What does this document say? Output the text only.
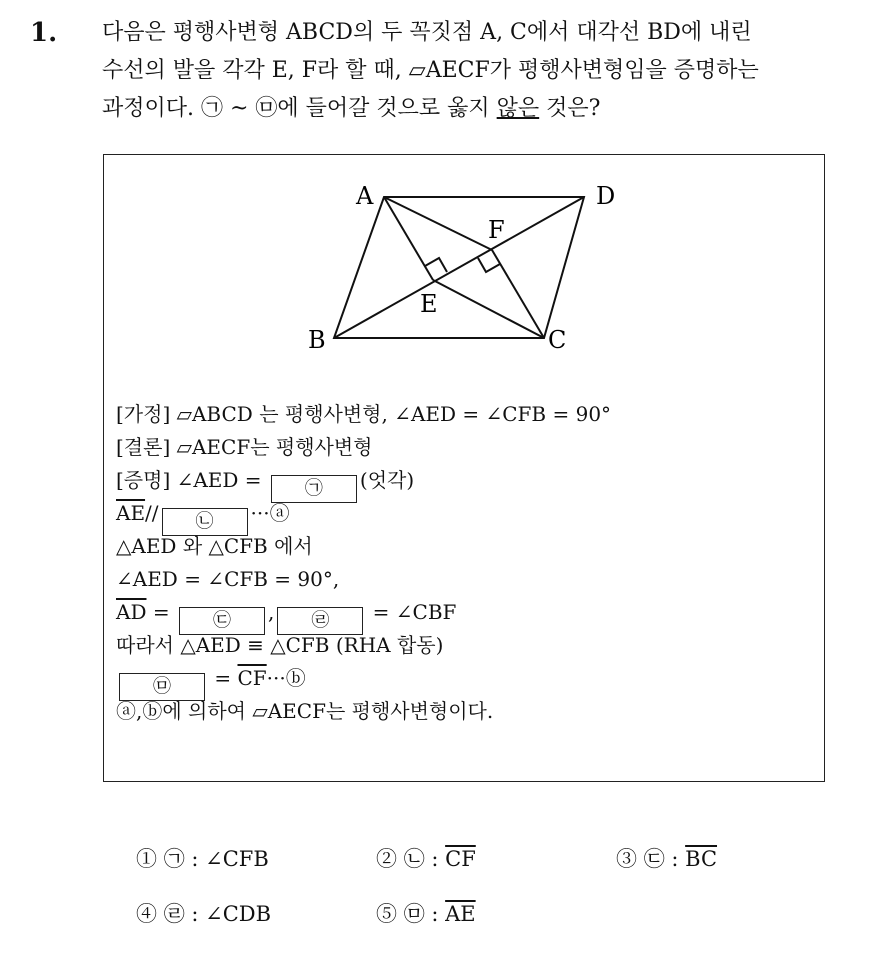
1. 다음은 평행사변형 ABCD의 두 꼭짓점 A, C에서 대각선 BD에 내린
수선의 발을 각각 E, F라 할 때, ▱AECF가 평행사변형임을 증명하는
과정이다. ㉠ ~ ㉤에 들어갈 것으로 옳지 않은 것은?
A	D
F
E
B	C
[가정] ▱ABCD 는 평행사변형, ∠AED = ∠CFB = 90°
[결론] ▱AECF는 평행사변형
[증명] ∠AED = ㉠ (엇각)
$\overline{AE}//$ ㉡ ···ⓐ
△AED 와 △CFB 에서
∠AED = ∠CFB = 90°,
$\overline{AD}$ = ㉢ , ㉣ = ∠CBF
따라서 △AED ≡ △CFB (RHA 합동)
㉤ = $\overline{CF}\cdot\cdot\cdotⓑ$
ⓐ,ⓑ에 의하여 ▱AECF는 평행사변형이다.
① ㉠ : ∠CFB	② ㉡ : $\overline{CF}$	③ ㉢ : $\overline{BC}$
④ ㉣ : ∠CDB	⑤ ㉤ : $\overline{AE}$
